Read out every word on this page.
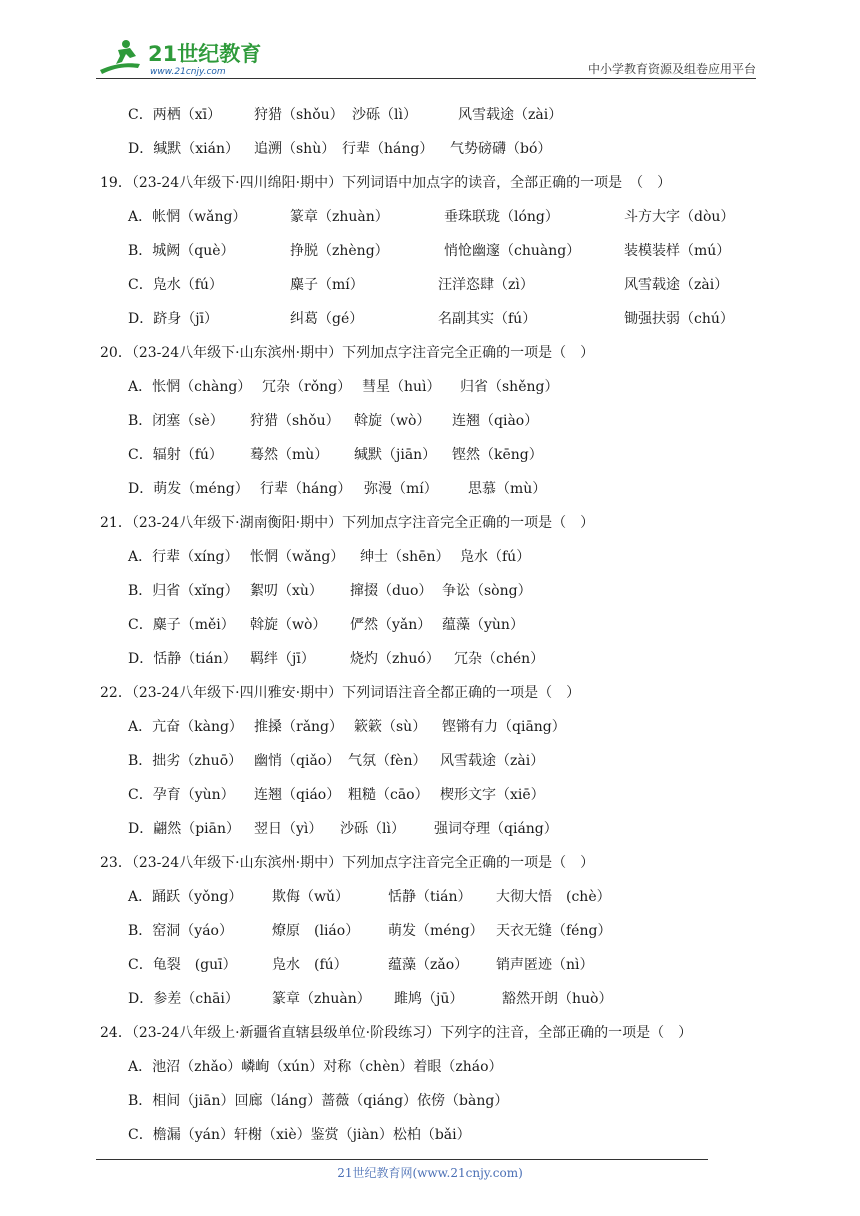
21世纪教育
www.21cnjy.com	中小学教育资源及组卷应用平台
C．两栖（xī） 狩猎（shǒu） 沙砾（lì）	风雪载途（zài）
D．缄默（xián） 追溯（shù） 行辈（háng） 气势磅礴（bó）
19．（23-24八年级下·四川绵阳·期中）下列词语中加点字的读音，全部正确的一项是　（　）
A．帐惘（wǎng）	篆章（zhuàn）	垂珠联珑（lóng）	斗方大字（dòu）
B．城阙（què）	挣脱（zhèng）	悄怆幽邃（chuàng）	装模装样（mú）
C．凫水（fú）	麋子（mí）	汪洋恣肆（zì）	风雪载途（zài）
D．跻身（jī）	纠葛（gé）	名副其实（fú）	锄强扶弱（chú）
20．（23-24八年级下·山东滨州·期中）下列加点字注音完全正确的一项是（　）
A．怅惘（chàng） 冗杂（rǒng） 彗星（huì） 归省（shěng）
B．闭塞（sè） 狩猎（shǒu） 斡旋（wò） 连翘（qiào）
C．辐射（fú） 蓦然（mù） 缄默（jiān） 铿然（kēng）
D．萌发（méng） 行辈（háng） 弥漫（mí） 思慕（mù）
21．（23-24八年级下·湖南衡阳·期中）下列加点字注音完全正确的一项是（　）
A．行辈（xíng） 怅惘（wǎng） 绅士（shēn） 凫水（fú）
B．归省（xǐng） 絮叨（xù） 撺掇（duo） 争讼（sòng）
C．麋子（měi） 斡旋（wò） 俨然（yǎn） 蕴藻（yùn）
D．恬静（tián） 羁绊（jī）	烧灼（zhuó） 冗杂（chén）
22．（23-24八年级下·四川雅安·期中）下列词语注音全都正确的一项是（　）
A．亢奋（kàng） 推搡（rǎng） 簌簌（sù） 铿锵有力（qiāng）
B．拙劣（zhuō） 幽悄（qiǎo） 气氛（fèn） 风雪载途（zài）
C．孕育（yùn） 连翘（qiáo） 粗糙（cāo） 楔形文字（xiē）
D．翩然（piān） 翌日（yì） 沙砾（lì） 强词夺理（qiáng）
23．（23-24八年级下·山东滨州·期中）下列加点字注音完全正确的一项是（　）
A．踊跃（yǒng） 欺侮（wǔ）	恬静（tián） 大彻大悟　(chè）
B．窑洞（yáo）	燎原　(liáo） 萌发（méng） 天衣无缝（féng）
C．龟裂　(guī）	凫水　(fú）	蕴藻（zǎo） 销声匿迹（nì）
D．参差（chāi） 篆章（zhuàn） 雎鸠（jū）	豁然开朗（huò）
24．（23-24八年级上·新疆省直辖县级单位·阶段练习）下列字的注音，全部正确的一项是（　）
A．池沼（zhǎo）嶙峋（xún）对称（chèn）着眼（zháo）
B．相间（jiān）回廊（láng）蔷薇（qiáng）依傍（bàng）
C．檐漏（yán）轩榭（xiè）鉴赏（jiàn）松柏（bǎi）
21世纪教育网(www.21cnjy.com)
